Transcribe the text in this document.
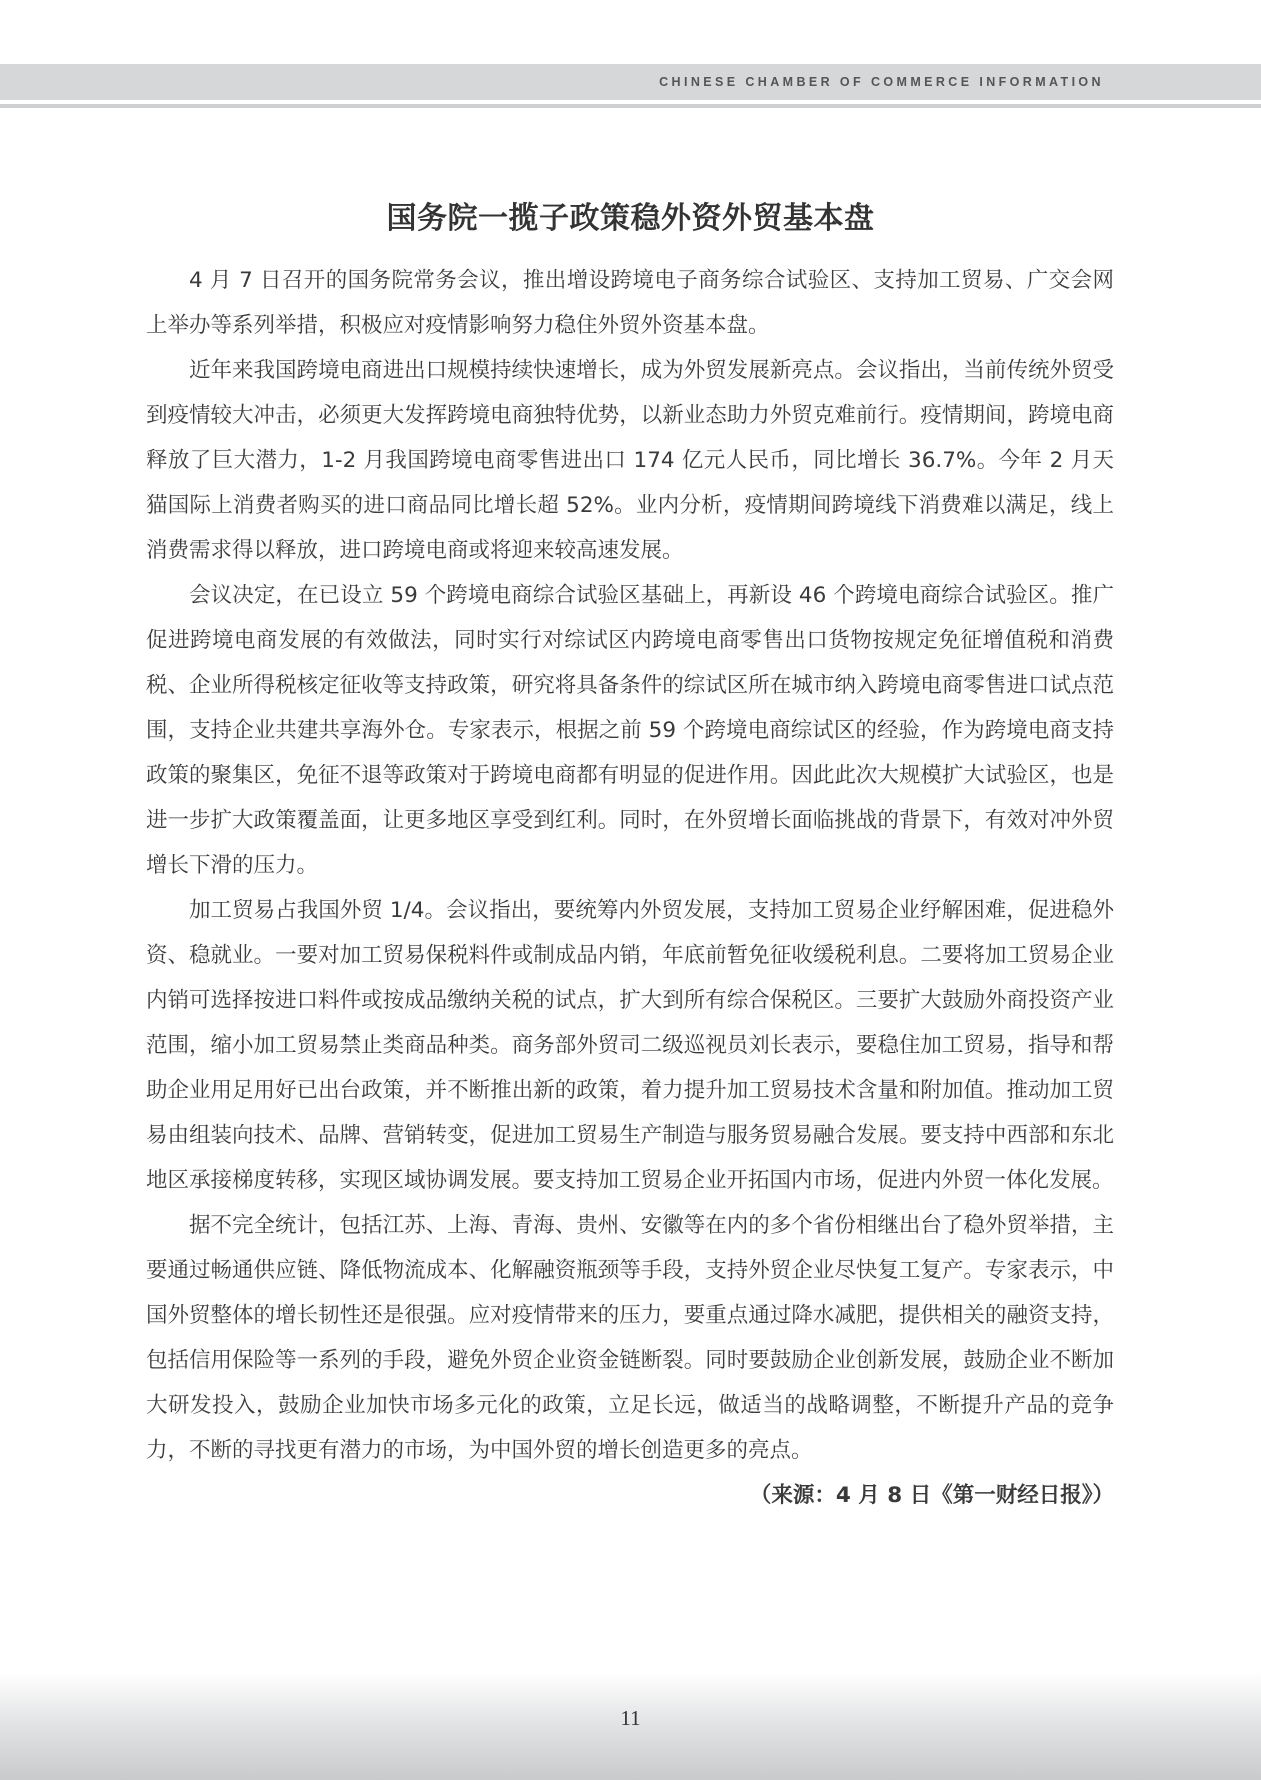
CHINESE CHAMBER OF COMMERCE INFORMATION
国务院一揽子政策稳外资外贸基本盘

4 月 7 日召开的国务院常务会议，推出增设跨境电子商务综合试验区、支持加工贸易、广交会网上举办等系列举措，积极应对疫情影响努力稳住外贸外资基本盘。

近年来我国跨境电商进出口规模持续快速增长，成为外贸发展新亮点。会议指出，当前传统外贸受到疫情较大冲击，必须更大发挥跨境电商独特优势，以新业态助力外贸克难前行。疫情期间，跨境电商释放了巨大潜力，1-2 月我国跨境电商零售进出口 174 亿元人民币，同比增长 36.7%。今年 2 月天猫国际上消费者购买的进口商品同比增长超 52%。业内分析，疫情期间跨境线下消费难以满足，线上消费需求得以释放，进口跨境电商或将迎来较高速发展。

会议决定，在已设立 59 个跨境电商综合试验区基础上，再新设 46 个跨境电商综合试验区。推广促进跨境电商发展的有效做法，同时实行对综试区内跨境电商零售出口货物按规定免征增值税和消费税、企业所得税核定征收等支持政策，研究将具备条件的综试区所在城市纳入跨境电商零售进口试点范围，支持企业共建共享海外仓。专家表示，根据之前 59 个跨境电商综试区的经验，作为跨境电商支持政策的聚集区，免征不退等政策对于跨境电商都有明显的促进作用。因此此次大规模扩大试验区，也是进一步扩大政策覆盖面，让更多地区享受到红利。同时，在外贸增长面临挑战的背景下，有效对冲外贸增长下滑的压力。

加工贸易占我国外贸 1/4。会议指出，要统筹内外贸发展，支持加工贸易企业纾解困难，促进稳外资、稳就业。一要对加工贸易保税料件或制成品内销，年底前暂免征收缓税利息。二要将加工贸易企业内销可选择按进口料件或按成品缴纳关税的试点，扩大到所有综合保税区。三要扩大鼓励外商投资产业范围，缩小加工贸易禁止类商品种类。商务部外贸司二级巡视员刘长表示，要稳住加工贸易，指导和帮助企业用足用好已出台政策，并不断推出新的政策，着力提升加工贸易技术含量和附加值。推动加工贸易由组装向技术、品牌、营销转变，促进加工贸易生产制造与服务贸易融合发展。要支持中西部和东北地区承接梯度转移，实现区域协调发展。要支持加工贸易企业开拓国内市场，促进内外贸一体化发展。

据不完全统计，包括江苏、上海、青海、贵州、安徽等在内的多个省份相继出台了稳外贸举措，主要通过畅通供应链、降低物流成本、化解融资瓶颈等手段，支持外贸企业尽快复工复产。专家表示，中国外贸整体的增长韧性还是很强。应对疫情带来的压力，要重点通过降水减肥，提供相关的融资支持，包括信用保险等一系列的手段，避免外贸企业资金链断裂。同时要鼓励企业创新发展，鼓励企业不断加大研发投入，鼓励企业加快市场多元化的政策，立足长远，做适当的战略调整，不断提升产品的竞争力，不断的寻找更有潜力的市场，为中国外贸的增长创造更多的亮点。
（来源：4 月 8 日《第一财经日报》）

11
